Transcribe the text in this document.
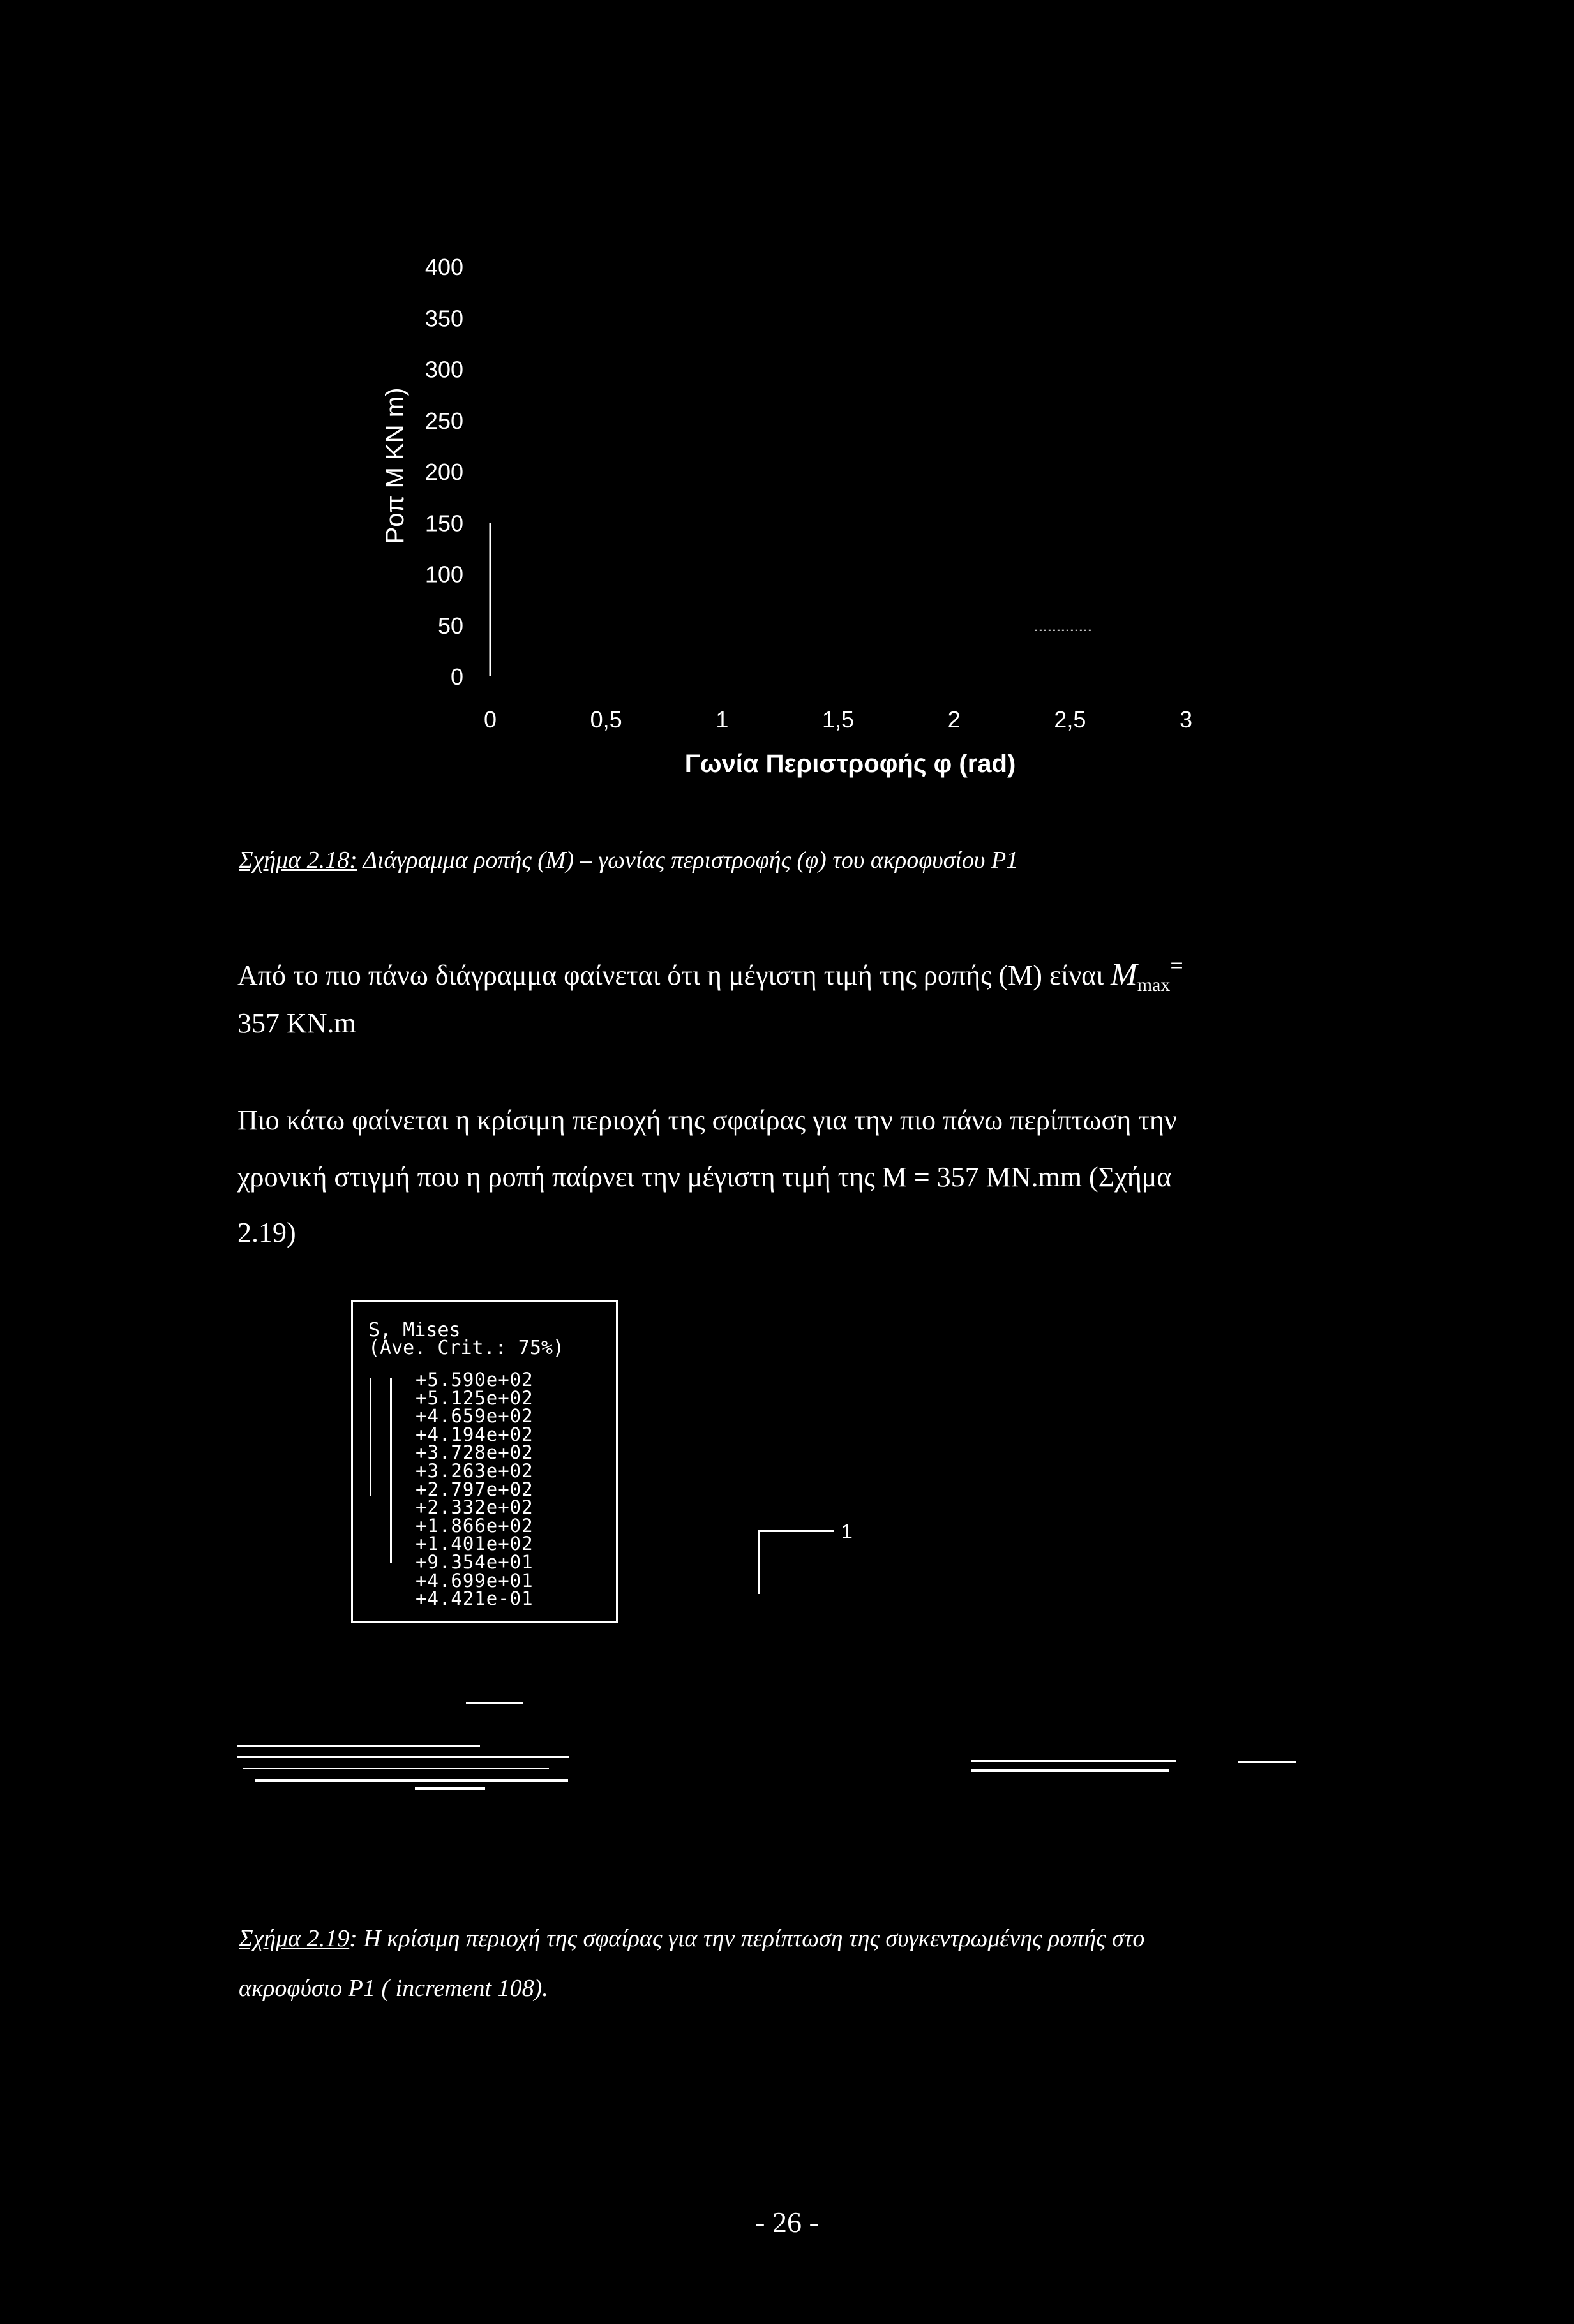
400
350
300
250
200
150
100
50
0
0	0,5	1	1,5	2	2,5	3
Ροπ Μ ΚΝ m)
Γωνία Περιστροφής φ (rad)
Σχήμα 2.18: Διάγραμμα ροπής (Μ) – γωνίας περιστροφής (φ) του ακροφυσίου Ρ1
Από το πιο πάνω διάγραμμα φαίνεται ότι η μέγιστη τιμή της ροπής (Μ) είναι $M_{max}^=$
357 KN.m
Πιο κάτω φαίνεται η κρίσιμη περιοχή της σφαίρας για την πιο πάνω περίπτωση την
χρονική στιγμή που η ροπή παίρνει την μέγιστη τιμή της Μ = 357 ΜΝ.mm (Σχήμα
2.19)
S, Mises
(Ave. Crit.: 75%)
+5.590e+02
+5.125e+02
+4.659e+02
+4.194e+02
+3.728e+02
+3.263e+02
+2.797e+02
+2.332e+02
+1.866e+02
+1.401e+02
+9.354e+01
+4.699e+01
+4.421e-01
1
Σχήμα 2.19: Η κρίσιμη περιοχή της σφαίρας για την περίπτωση της συγκεντρωμένης ροπής στο
ακροφύσιο Ρ1 ( increment 108).
- 26 -
